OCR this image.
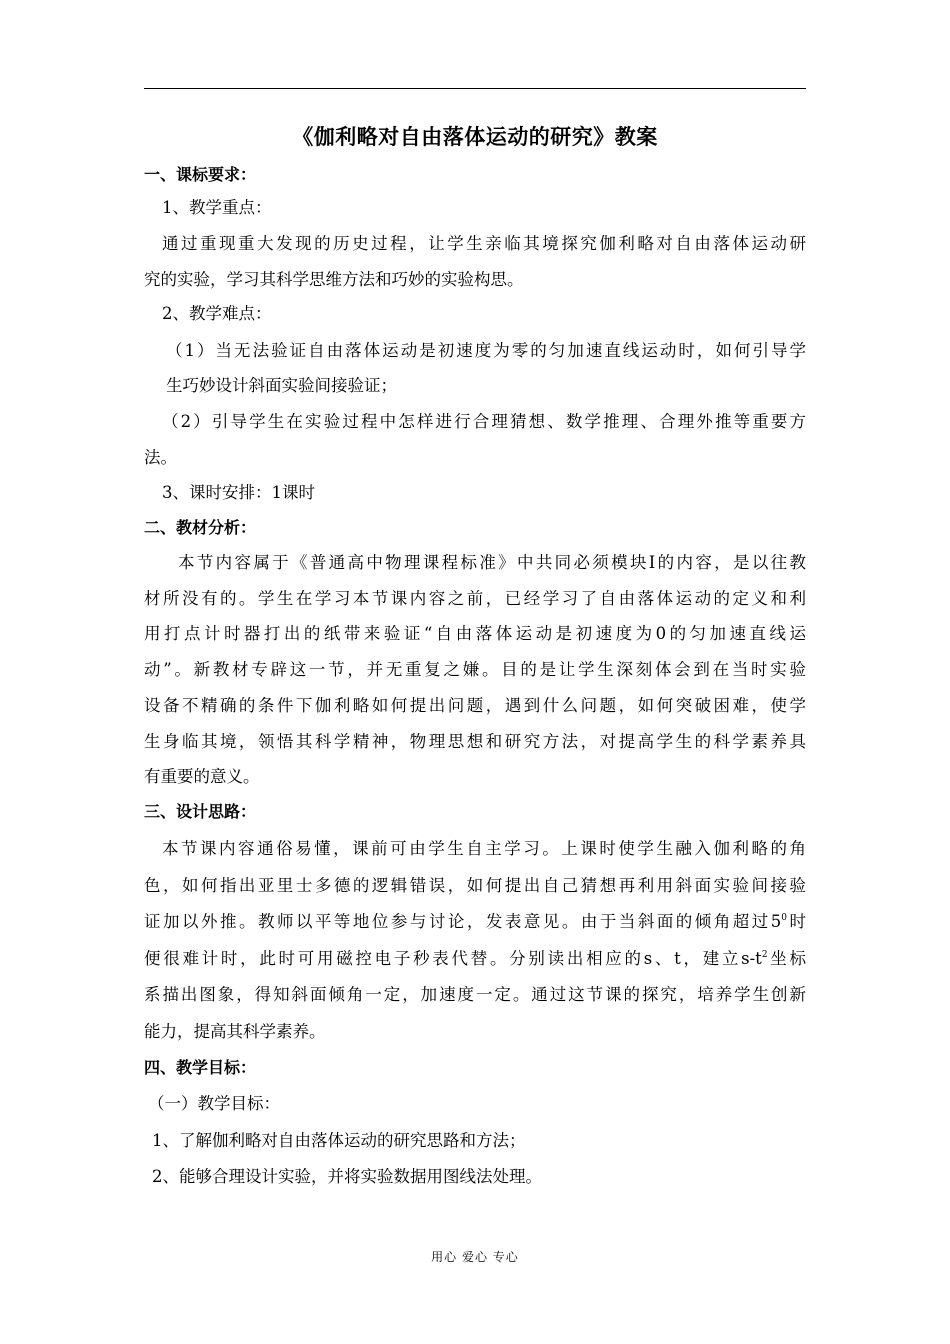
《伽利略对自由落体运动的研究》教案
一、课标要求：
1、教学重点：
通过重现重大发现的历史过程，让学生亲临其境探究伽利略对自由落体运动研
究的实验，学习其科学思维方法和巧妙的实验构思。
2、教学难点：
（1）当无法验证自由落体运动是初速度为零的匀加速直线运动时，如何引导学
生巧妙设计斜面实验间接验证；
（2）引导学生在实验过程中怎样进行合理猜想、数学推理、合理外推等重要方
法。
3、课时安排：1课时
二、教材分析：
本节内容属于《普通高中物理课程标准》中共同必须模块Ⅰ的内容，是以往教
材所没有的。学生在学习本节课内容之前，已经学习了自由落体运动的定义和利
用打点计时器打出的纸带来验证“自由落体运动是初速度为0的匀加速直线运
动”。新教材专辟这一节，并无重复之嫌。目的是让学生深刻体会到在当时实验
设备不精确的条件下伽利略如何提出问题，遇到什么问题，如何突破困难，使学
生身临其境，领悟其科学精神，物理思想和研究方法，对提高学生的科学素养具
有重要的意义。
三、设计思路：
本节课内容通俗易懂，课前可由学生自主学习。上课时使学生融入伽利略的角
色，如何指出亚里士多德的逻辑错误，如何提出自己猜想再利用斜面实验间接验
证加以外推。教师以平等地位参与讨论，发表意见。由于当斜面的倾角超过$5^0$时
便很难计时，此时可用磁控电子秒表代替。分别读出相应的s、t，建立$s-t^2$坐标
系描出图象，得知斜面倾角一定，加速度一定。通过这节课的探究，培养学生创新
能力，提高其科学素养。
四、教学目标：
（一）教学目标：
1、了解伽利略对自由落体运动的研究思路和方法；
2、能够合理设计实验，并将实验数据用图线法处理。
用心 爱心 专心
